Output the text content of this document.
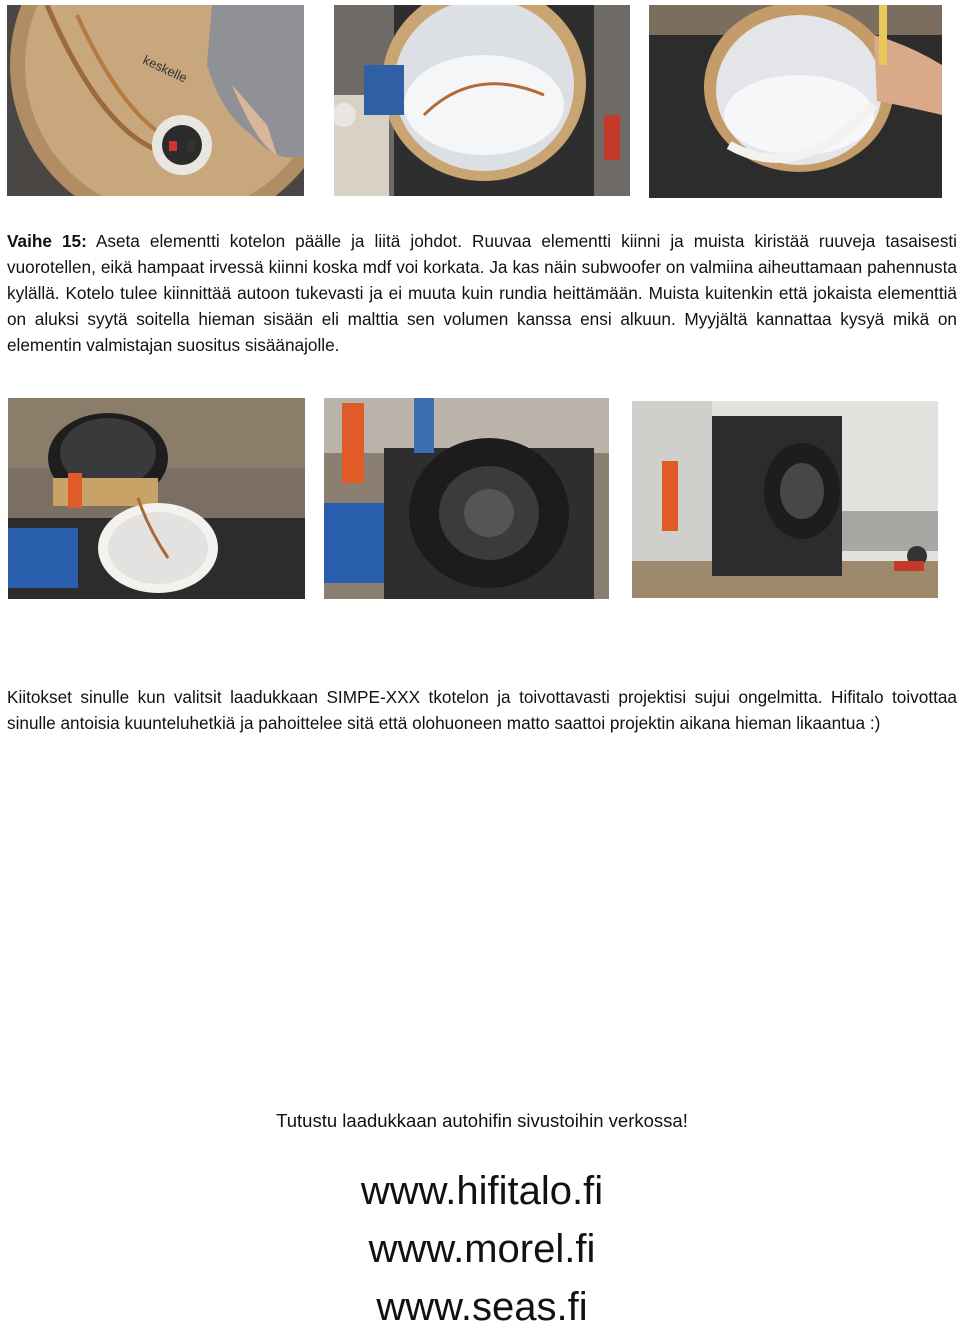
keskelle

Vaihe 15: Aseta elementti kotelon päälle ja liitä johdot. Ruuvaa elementti kiinni ja muista kiristää ruuveja tasaisesti vuorotellen, eikä hampaat irvessä kiinni koska mdf voi korkata. Ja kas näin subwoofer on valmiina aiheuttamaan pahennusta kylällä. Kotelo tulee kiinnittää autoon tukevasti ja ei muuta kuin rundia heittämään. Muista kuitenkin että jokaista elementtiä on aluksi syytä soitella hieman sisään eli malttia sen volumen kanssa ensi alkuun. Myyjältä kannattaa kysyä mikä on elementin valmistajan suositus sisäänajolle.

Kiitokset sinulle kun valitsit laadukkaan SIMPE-XXX tkotelon ja toivottavasti projektisi sujui ongelmitta. Hifitalo toivottaa sinulle antoisia kuunteluhetkiä ja pahoittelee sitä että olohuoneen matto saattoi projektin aikana hieman likaantua :)

Tutustu laadukkaan autohifin sivustoihin verkossa!

www.hifitalo.fi
www.morel.fi
www.seas.fi
